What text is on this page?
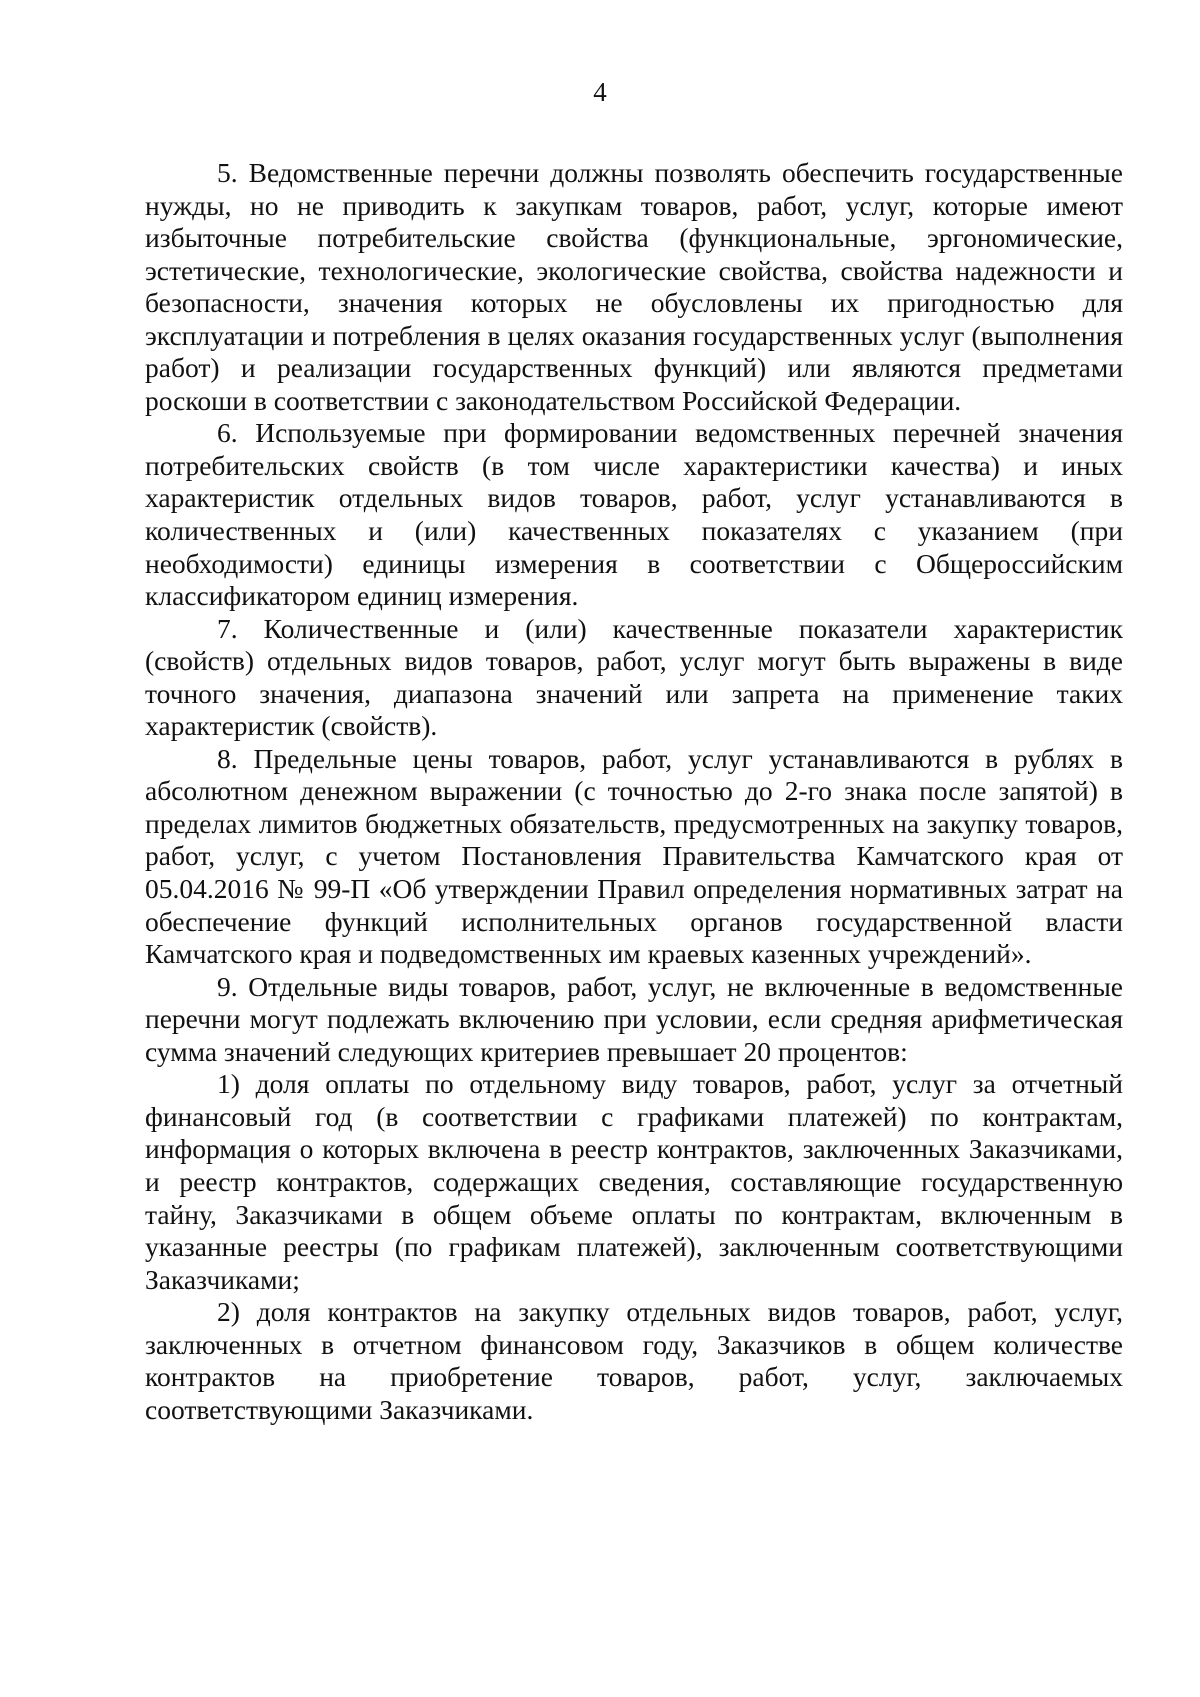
4

5. Ведомственные перечни должны позволять обеспечить государственные нужды, но не приводить к закупкам товаров, работ, услуг, которые имеют избыточные потребительские свойства (функциональные, эргономические, эстетические, технологические, экологические свойства, свойства надежности и безопасности, значения которых не обусловлены их пригодностью для эксплуатации и потребления в целях оказания государственных услуг (выполнения работ) и реализации государственных функций) или являются предметами роскоши в соответствии с законодательством Российской Федерации.

6. Используемые при формировании ведомственных перечней значения потребительских свойств (в том числе характеристики качества) и иных характеристик отдельных видов товаров, работ, услуг устанавливаются в количественных и (или) качественных показателях с указанием (при необходимости) единицы измерения в соответствии с Общероссийским классификатором единиц измерения.

7. Количественные и (или) качественные показатели характеристик (свойств) отдельных видов товаров, работ, услуг могут быть выражены в виде точного значения, диапазона значений или запрета на применение таких характеристик (свойств).

8. Предельные цены товаров, работ, услуг устанавливаются в рублях в абсолютном денежном выражении (с точностью до 2-го знака после запятой) в пределах лимитов бюджетных обязательств, предусмотренных на закупку товаров, работ, услуг, с учетом Постановления Правительства Камчатского края от 05.04.2016 № 99-П «Об утверждении Правил определения нормативных затрат на обеспечение функций исполнительных органов государственной власти Камчатского края и подведомственных им краевых казенных учреждений».

9. Отдельные виды товаров, работ, услуг, не включенные в ведомственные перечни могут подлежать включению при условии, если средняя арифметическая сумма значений следующих критериев превышает 20 процентов:

1) доля оплаты по отдельному виду товаров, работ, услуг за отчетный финансовый год (в соответствии с графиками платежей) по контрактам, информация о которых включена в реестр контрактов, заключенных Заказчиками, и реестр контрактов, содержащих сведения, составляющие государственную тайну, Заказчиками в общем объеме оплаты по контрактам, включенным в указанные реестры (по графикам платежей), заключенным соответствующими Заказчиками;

2) доля контрактов на закупку отдельных видов товаров, работ, услуг, заключенных в отчетном финансовом году, Заказчиков в общем количестве контрактов на приобретение товаров, работ, услуг, заключаемых соответствующими Заказчиками.
